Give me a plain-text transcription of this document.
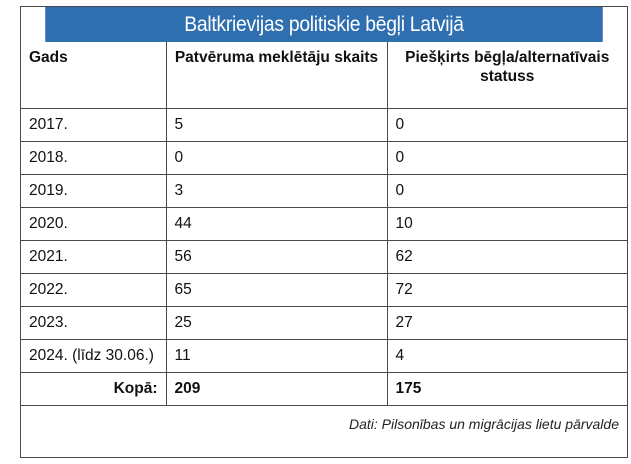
Baltkrievijas politiskie bēgļi Latvijā
Gads	Patvēruma meklētāju skaits	Piešķirts bēgļa/alternatīvais statuss
2017.	5	0
2018.	0	0
2019.	3	0
2020.	44	10
2021.	56	62
2022.	65	72
2023.	25	27
2024. (līdz 30.06.)	11	4
Kopā:	209	175
Dati: Pilsonības un migrācijas lietu pārvalde
